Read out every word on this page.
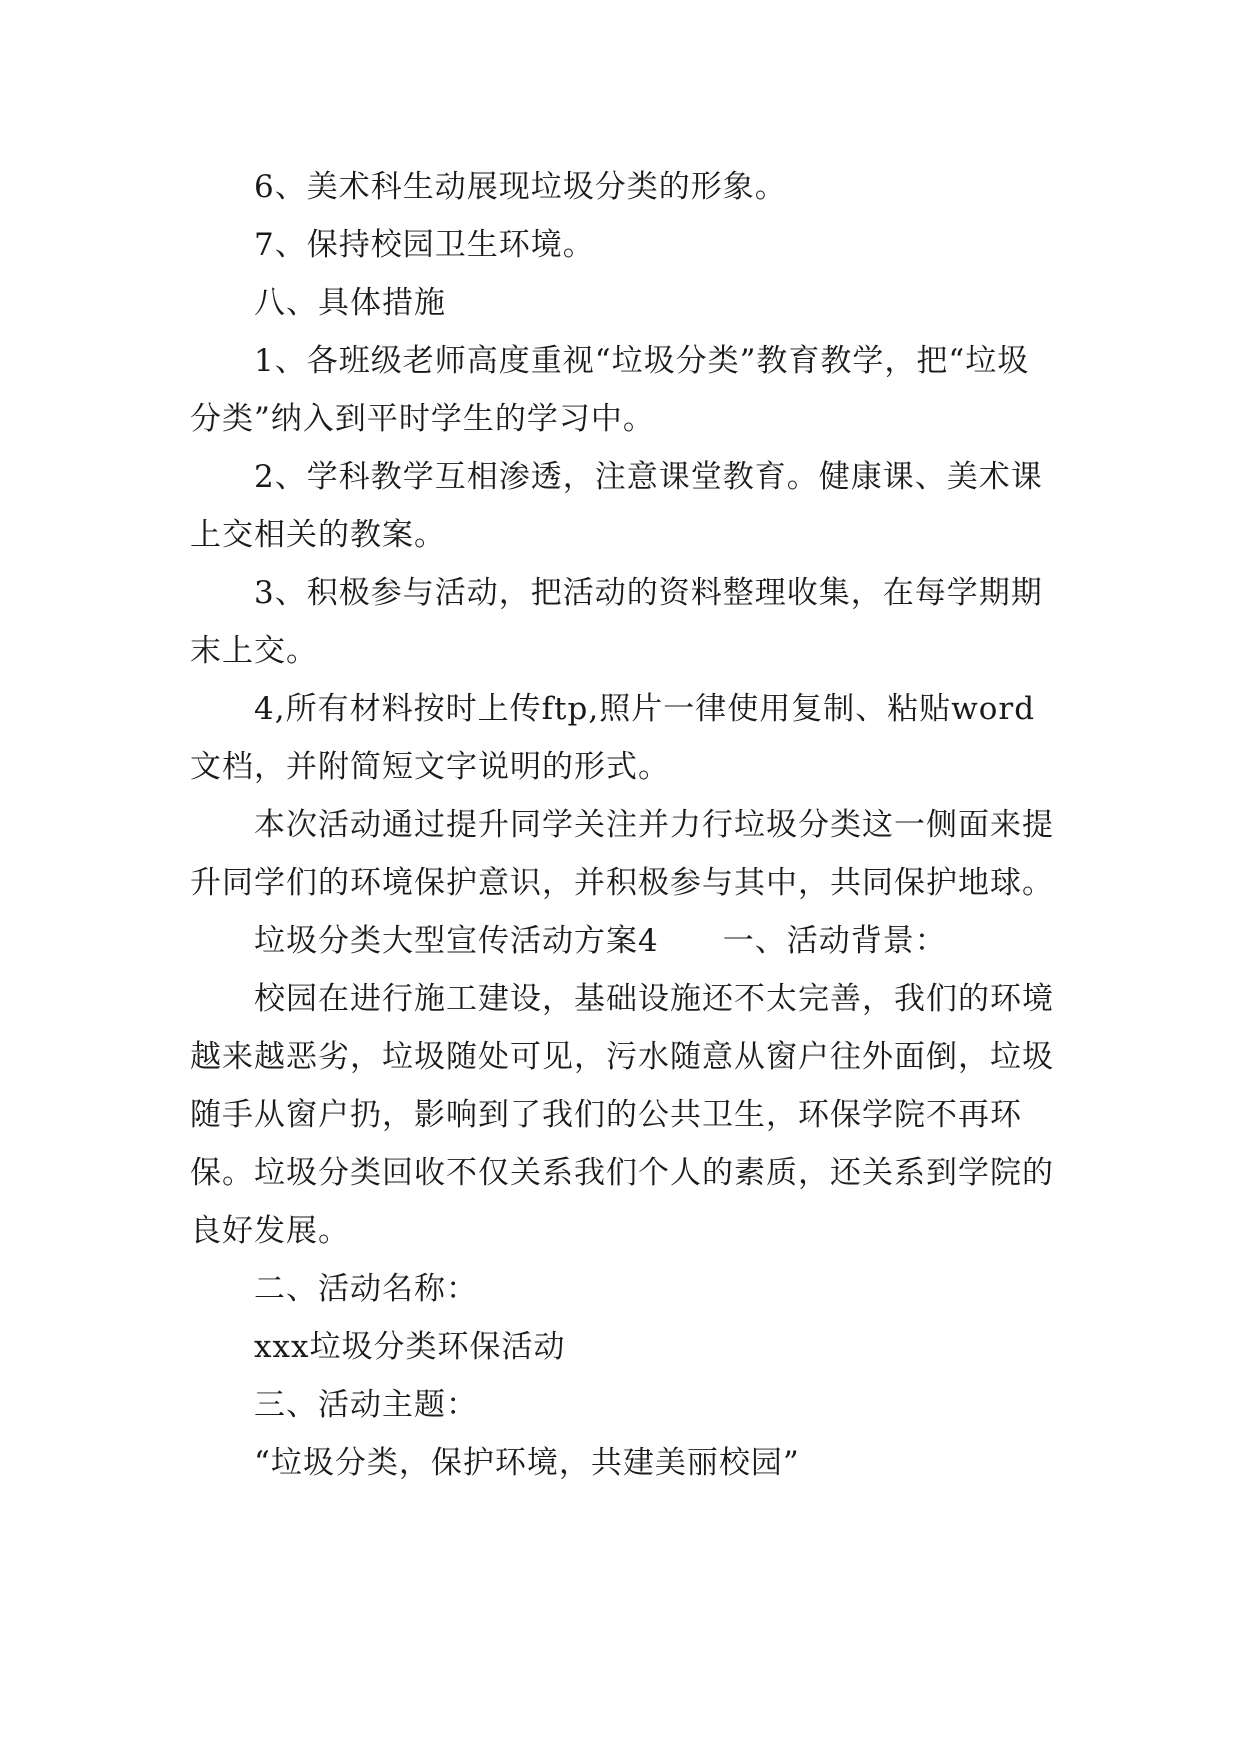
6、美术科生动展现垃圾分类的形象。

7、保持校园卫生环境。

八、具体措施

1、各班级老师高度重视“垃圾分类”教育教学，把“垃圾分类”纳入到平时学生的学习中。

2、学科教学互相渗透，注意课堂教育。健康课、美术课上交相关的教案。

3、积极参与活动，把活动的资料整理收集，在每学期期末上交。

4,所有材料按时上传ftp,照片一律使用复制、粘贴word文档，并附简短文字说明的形式。

本次活动通过提升同学关注并力行垃圾分类这一侧面来提升同学们的环境保护意识，并积极参与其中，共同保护地球。

垃圾分类大型宣传活动方案4　　一、活动背景：

校园在进行施工建设，基础设施还不太完善，我们的环境越来越恶劣，垃圾随处可见，污水随意从窗户往外面倒，垃圾随手从窗户扔，影响到了我们的公共卫生，环保学院不再环保。垃圾分类回收不仅关系我们个人的素质，还关系到学院的良好发展。

二、活动名称：

xxx垃圾分类环保活动

三、活动主题：

“垃圾分类，保护环境，共建美丽校园”
